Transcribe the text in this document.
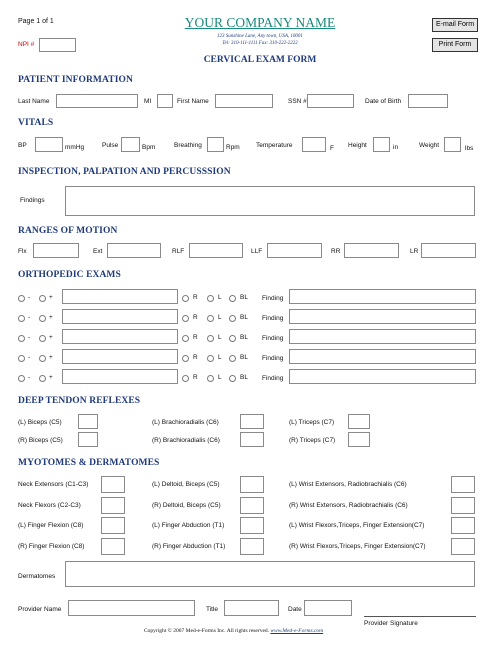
Page 1 of 1
NPI #
YOUR COMPANY NAME
123 Sunshine Lane, Any town, USA, 10001
Tel: 310-111-1111 Fax: 310-222-2222
CERVICAL EXAM FORM
E-mail Form
Print Form
PATIENT INFORMATION
Last Name	MI	First Name	SSN #	Date of Birth
VITALS
BP	mmHg	Pulse	Bpm	Breathing	Rpm	Temperature	F Height	in	Weight	lbs
INSPECTION, PALPATION AND PERCUSSSION
Findings
RANGES OF MOTION
Flx	Ext	RLF	LLF	RR	LR
ORTHOPEDIC EXAMS
-	+	R	L	BL Finding
-	+	R	L	BL Finding
-	+	R	L	BL Finding
-	+	R	L	BL Finding
-	+	R	L	BL Finding
DEEP TENDON REFLEXES
(L) Biceps (C5)	(L) Brachioradialis (C6)	(L) Triceps (C7)
(R) Biceps (C5)	(R) Brachioradialis (C6)	(R) Triceps (C7)
MYOTOMES & DERMATOMES
Neck Extensors (C1-C3)	(L) Deltoid, Biceps (C5)	(L) Wrist Extensors, Radiobrachialis (C6)
Neck Flexors (C2-C3)	(R) Deltoid, Biceps (C5)	(R) Wrist Extensors, Radiobrachialis (C6)
(L) Finger Flexion (C8)	(L) Finger Abduction (T1)	(L) Wrist Flexors,Triceps, Finger Extension(C7)
(R) Finger Flexion (C8)	(R) Finger Abduction (T1)	(R) Wrist Flexors,Triceps, Finger Extension(C7)
Dermatomes
Provider Name	Title	Date
Provider Signature
Copyright © 2007 Med-e-Forms Inc. All rights reserved. www.Med-e-Forms.com
